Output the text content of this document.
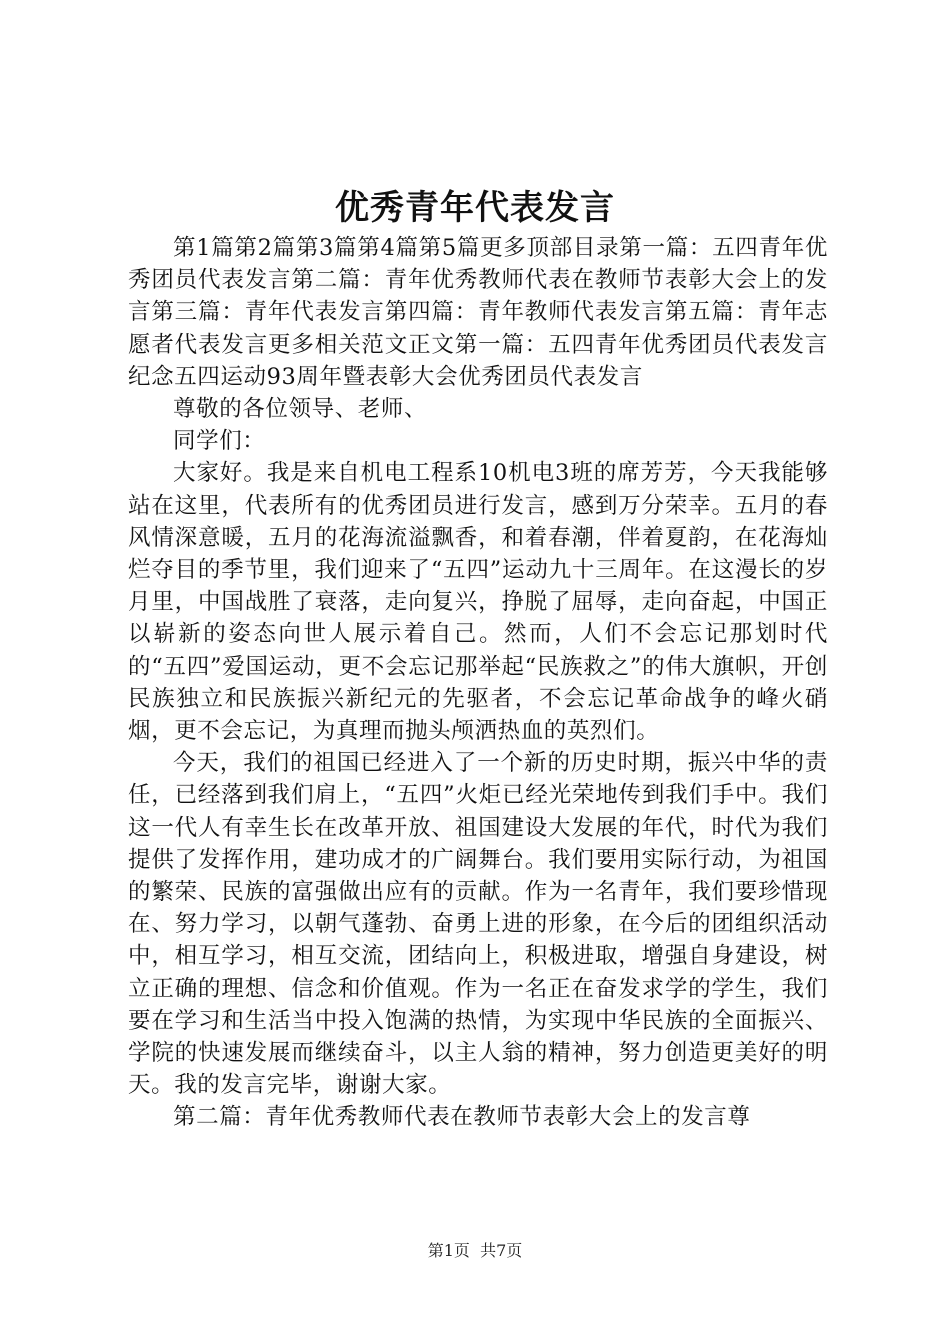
优秀青年代表发言

第1篇第2篇第3篇第4篇第5篇更多顶部目录第一篇：五四青年优秀团员代表发言第二篇：青年优秀教师代表在教师节表彰大会上的发言第三篇：青年代表发言第四篇：青年教师代表发言第五篇：青年志愿者代表发言更多相关范文正文第一篇：五四青年优秀团员代表发言纪念五四运动93周年暨表彰大会优秀团员代表发言

尊敬的各位领导、老师、

同学们：

大家好。我是来自机电工程系10机电3班的席芳芳，今天我能够站在这里，代表所有的优秀团员进行发言，感到万分荣幸。五月的春风情深意暖，五月的花海流溢飘香，和着春潮，伴着夏韵，在花海灿烂夺目的季节里，我们迎来了“五四”运动九十三周年。在这漫长的岁月里，中国战胜了衰落，走向复兴，挣脱了屈辱，走向奋起，中国正以崭新的姿态向世人展示着自己。然而，人们不会忘记那划时代的“五四”爱国运动，更不会忘记那举起“民族救之”的伟大旗帜，开创民族独立和民族振兴新纪元的先驱者，不会忘记革命战争的峰火硝烟，更不会忘记，为真理而抛头颅洒热血的英烈们。

今天，我们的祖国已经进入了一个新的历史时期，振兴中华的责任，已经落到我们肩上，“五四”火炬已经光荣地传到我们手中。我们这一代人有幸生长在改革开放、祖国建设大发展的年代，时代为我们提供了发挥作用，建功成才的广阔舞台。我们要用实际行动，为祖国的繁荣、民族的富强做出应有的贡献。作为一名青年，我们要珍惜现在、努力学习，以朝气蓬勃、奋勇上进的形象，在今后的团组织活动中，相互学习，相互交流，团结向上，积极进取，增强自身建设，树立正确的理想、信念和价值观。作为一名正在奋发求学的学生，我们要在学习和生活当中投入饱满的热情，为实现中华民族的全面振兴、学院的快速发展而继续奋斗，以主人翁的精神，努力创造更美好的明天。我的发言完毕，谢谢大家。

第二篇：青年优秀教师代表在教师节表彰大会上的发言尊

第1页 共7页
